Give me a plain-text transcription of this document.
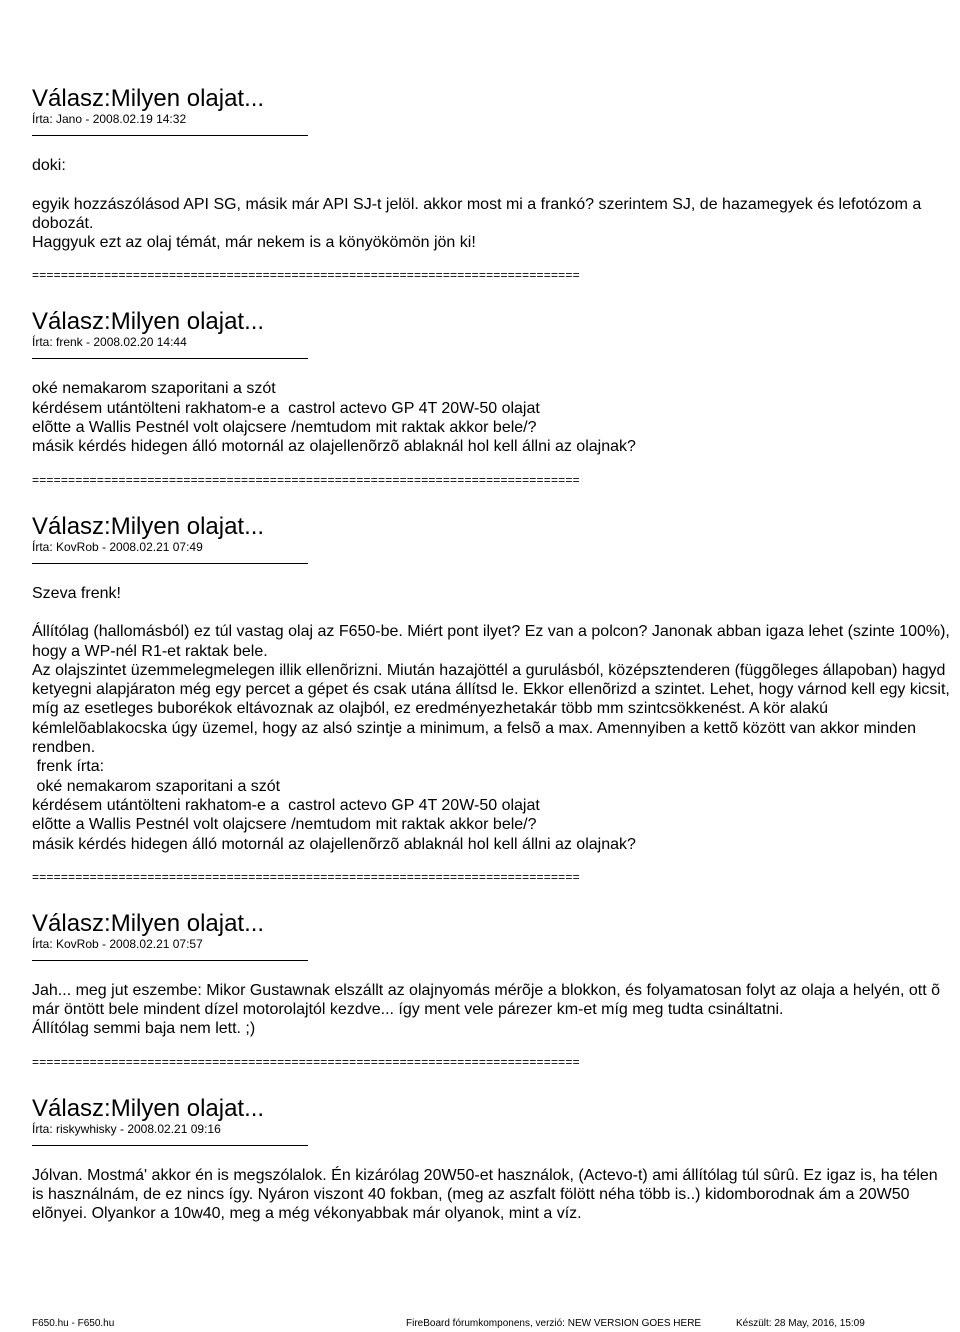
Válasz:Milyen olajat...
Írta: Jano - 2008.02.19 14:32
doki:

egyik hozzászólásod API SG, másik már API SJ-t jelöl. akkor most mi a frankó? szerintem SJ, de hazamegyek és lefotózom a dobozát.
Haggyuk ezt az olaj témát, már nekem is a könyökömön jön ki!
============================================================================
Válasz:Milyen olajat...
Írta: frenk - 2008.02.20 14:44
oké nemakarom szaporitani a szót
kérdésem utántölteni rakhatom-e a  castrol actevo GP 4T 20W-50 olajat
elõtte a Wallis Pestnél volt olajcsere /nemtudom mit raktak akkor bele/?
másik kérdés hidegen álló motornál az olajellenõrzõ ablaknál hol kell állni az olajnak?
============================================================================
Válasz:Milyen olajat...
Írta: KovRob - 2008.02.21 07:49
Szeva frenk!

Állítólag (hallomásból) ez túl vastag olaj az F650-be. Miért pont ilyet? Ez van a polcon? Janonak abban igaza lehet (szinte 100%), hogy a WP-nél R1-et raktak bele.
Az olajszintet üzemmelegmelegen illik ellenõrizni. Miután hazajöttél a gurulásból, középsztenderen (függõleges állapoban) hagyd ketyegni alapjáraton még egy percet a gépet és csak utána állítsd le. Ekkor ellenõrizd a szintet. Lehet, hogy várnod kell egy kicsit, míg az esetleges buborékok eltávoznak az olajból, ez eredményezhetakár több mm szintcsökkenést. A kör alakú kémlelõablakocska úgy üzemel, hogy az alsó szintje a minimum, a felsõ a max. Amennyiben a kettõ között van akkor minden rendben.
frenk írta:
oké nemakarom szaporitani a szót
kérdésem utántölteni rakhatom-e a  castrol actevo GP 4T 20W-50 olajat
elõtte a Wallis Pestnél volt olajcsere /nemtudom mit raktak akkor bele/?
másik kérdés hidegen álló motornál az olajellenõrzõ ablaknál hol kell állni az olajnak?
============================================================================
Válasz:Milyen olajat...
Írta: KovRob - 2008.02.21 07:57
Jah... meg jut eszembe: Mikor Gustawnak elszállt az olajnyomás mérõje a blokkon, és folyamatosan folyt az olaja a helyén, ott õ már öntött bele mindent dízel motorolajtól kezdve... így ment vele párezer km-et míg meg tudta csinált​atni.
Állítólag semmi baja nem lett. ;)
============================================================================
Válasz:Milyen olajat...
Írta: riskywhisky - 2008.02.21 09:16
Jólvan. Mostmá' akkor én is megszólalok. Én kizárólag 20W50-et használok, (Actevo-t) ami állítólag túl sûrû. Ez igaz is, ha télen is használnám, de ez nincs így. Nyáron viszont 40 fokban, (meg az aszfalt fölött néha több is..) kidomborodnak ám a 20W50 elõnyei. Olyankor a 10w40, meg a még vékonyabbak már olyanok, mint a víz.
F650.hu - F650.hu	FireBoard fórumkomponens, verzió: NEW VERSION GOES HERE	Készült: 28 May, 2016, 15:09
